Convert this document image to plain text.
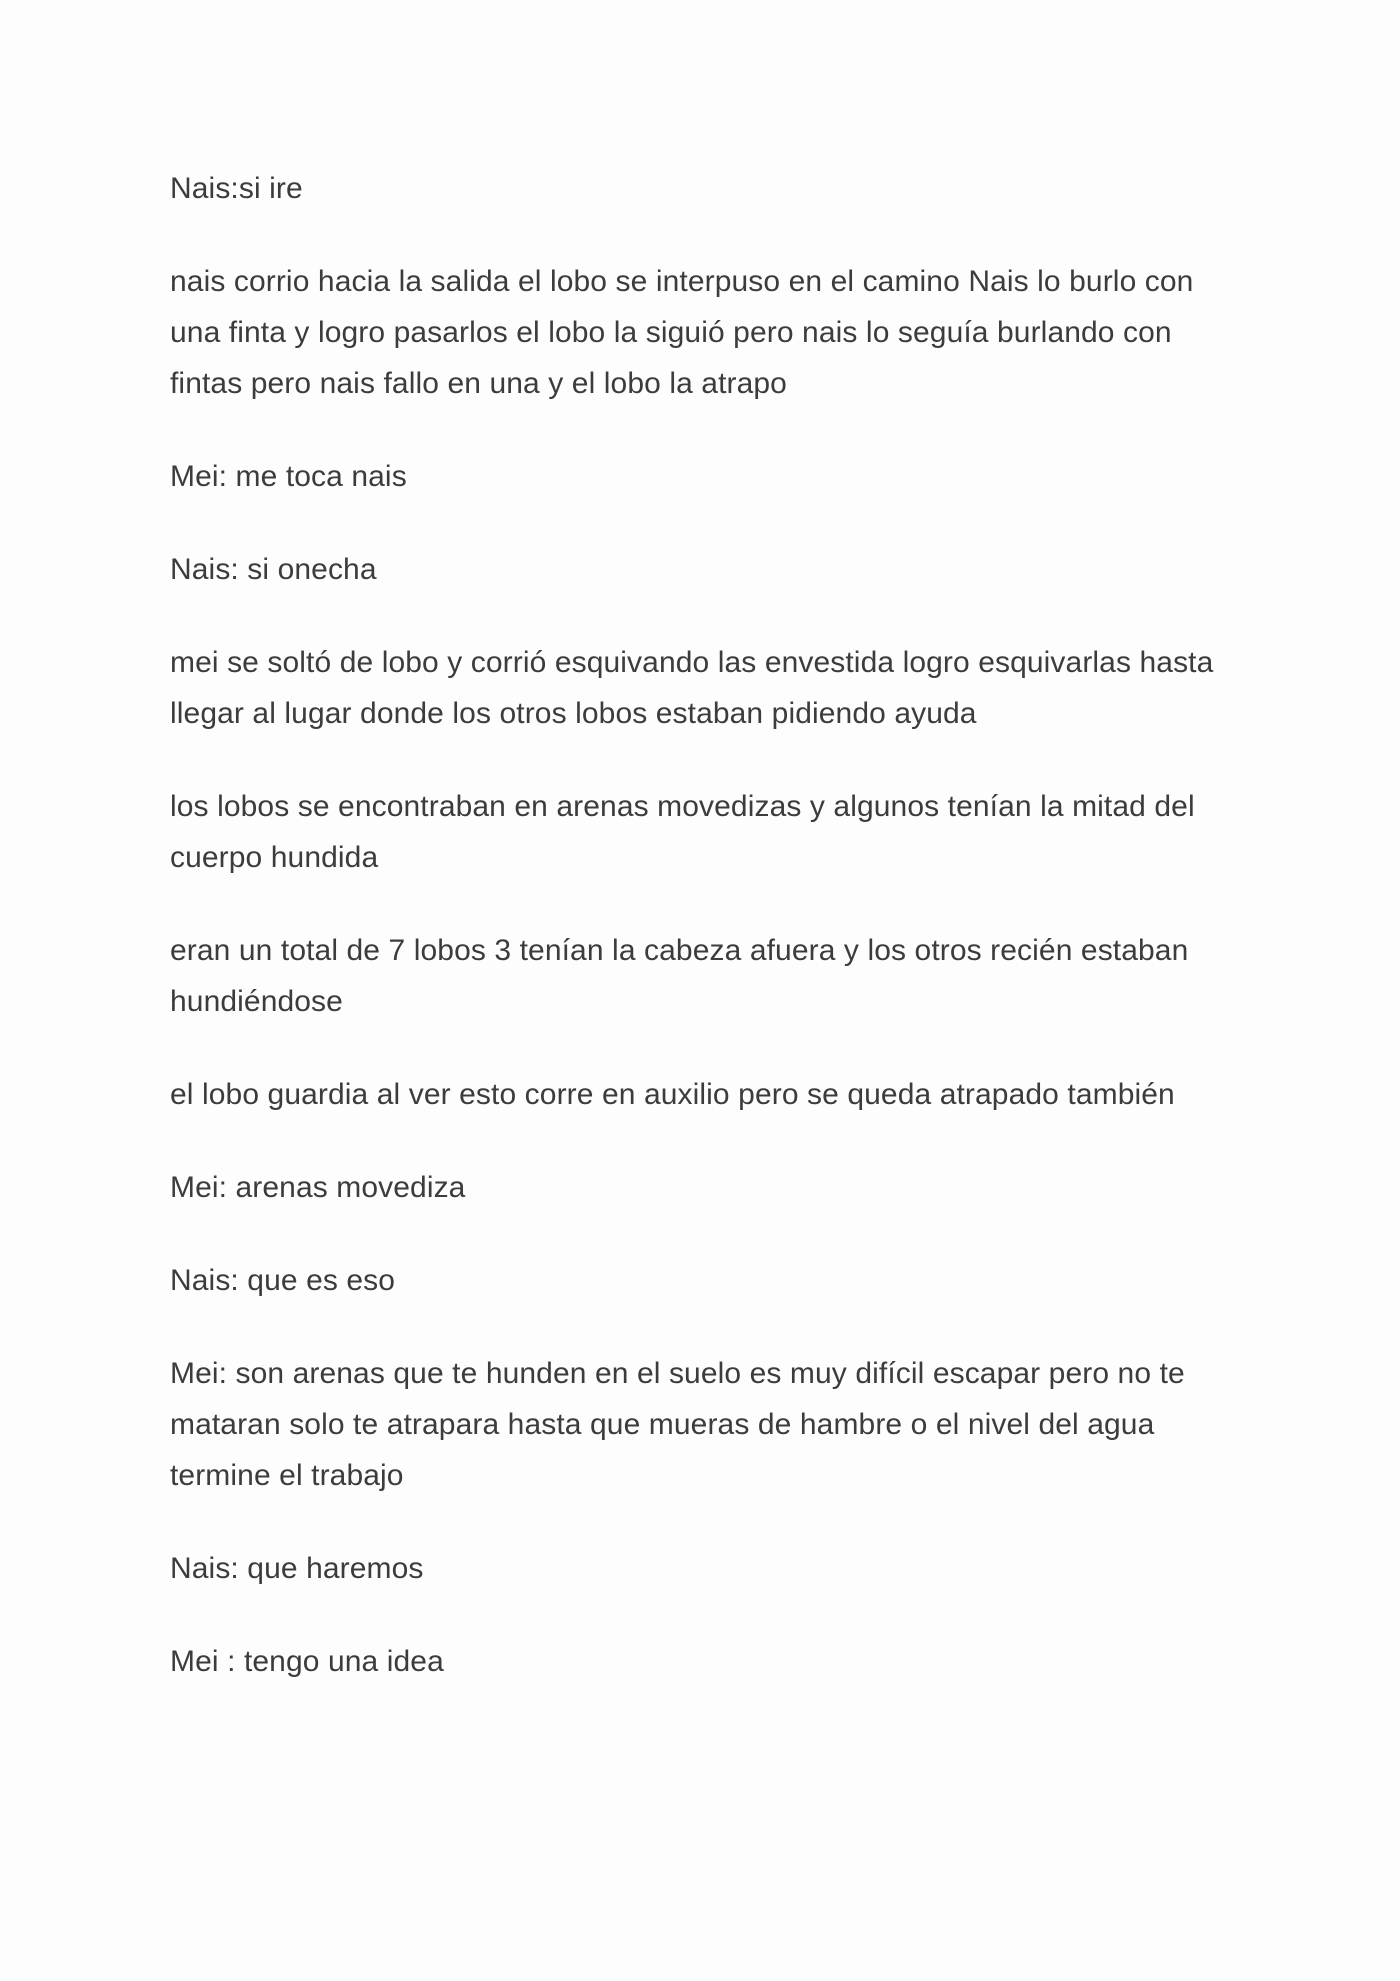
Nais:si ire

nais corrio hacia la salida el lobo se interpuso en el camino Nais lo burlo con una finta y logro pasarlos el lobo la siguió pero nais lo seguía burlando con fintas pero nais fallo en una y el lobo la atrapo

Mei: me toca nais

Nais: si onecha

mei se soltó de lobo y corrió esquivando las envestida logro esquivarlas hasta llegar al lugar donde los otros lobos estaban pidiendo ayuda

los lobos se encontraban en arenas movedizas y algunos tenían la mitad del cuerpo hundida

eran un total de 7 lobos 3 tenían la cabeza afuera y los otros recién estaban hundiéndose

el lobo guardia al ver esto corre en auxilio pero se queda atrapado también

Mei: arenas movediza

Nais: que es eso

Mei: son arenas que te hunden en el suelo es muy difícil escapar pero no te mataran solo te atrapara hasta que mueras de hambre o el nivel del agua termine el trabajo

Nais: que haremos

Mei : tengo una idea
